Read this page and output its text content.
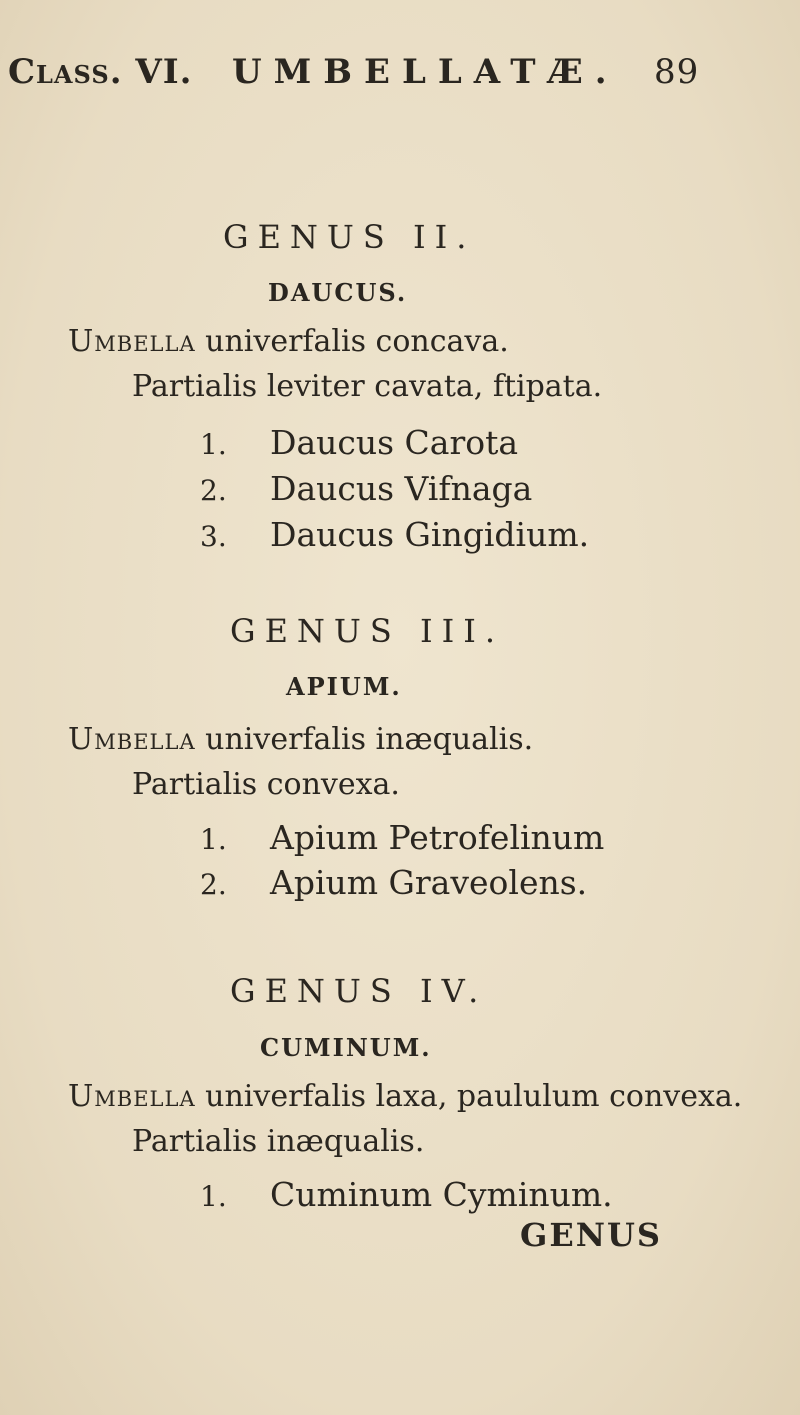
Class. VI. UMBELLATÆ. 89
GENUS II.
DAUCUS.
Umbella univerfalis concava.
Partialis leviter cavata, ftipata.
1. Daucus Carota
2. Daucus Vifnaga
3. Daucus Gingidium.
GENUS III.
APIUM.
Umbella univerfalis inæqualis.
Partialis convexa.
1. Apium Petrofelinum
2. Apium Graveolens.
GENUS IV.
CUMINUM.
Umbella univerfalis laxa, paululum convexa.
Partialis inæqualis.
1. Cuminum Cyminum.
GENUS
